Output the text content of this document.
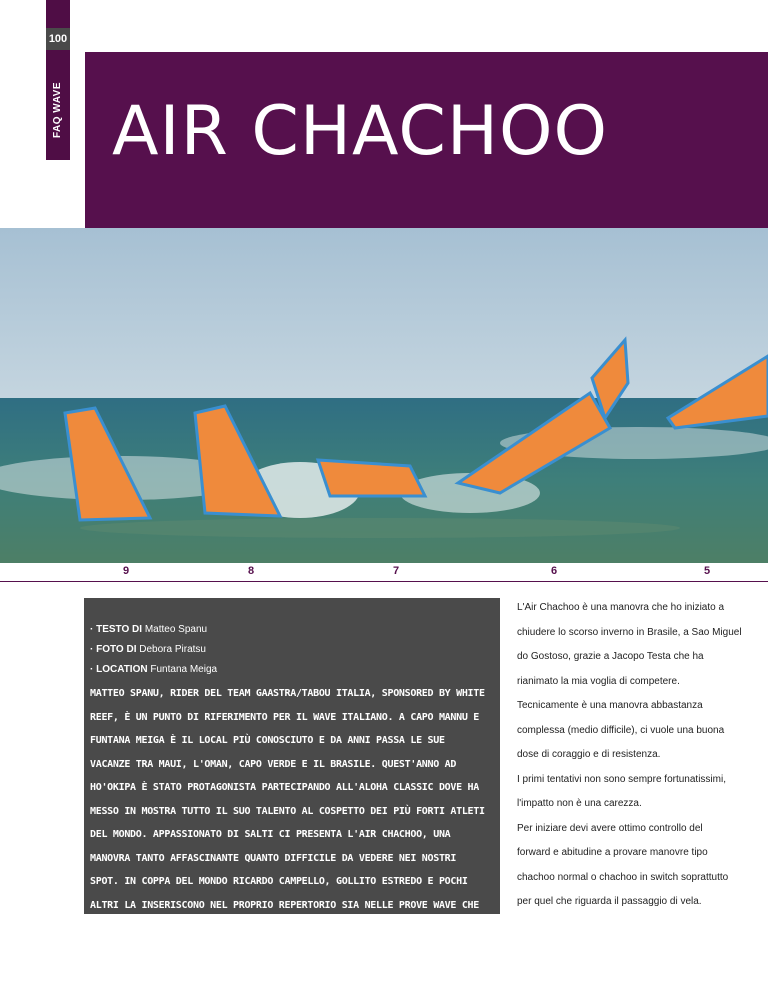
100
FAQ WAVE AIR CHACHOO
9	8	7	6	5
· TESTO DI Matteo Spanu
· FOTO DI Debora Piratsu
· LOCATION Funtana Meiga

MATTEO SPANU, RIDER DEL TEAM GAASTRA/TABOU ITALIA, SPONSORED BY WHITE REEF, È UN PUNTO DI RIFERIMENTO PER IL WAVE ITALIANO. A CAPO MANNU E FUNTANA MEIGA È IL LOCAL PIÙ CONOSCIUTO E DA ANNI PASSA LE SUE VACANZE TRA MAUI, L'OMAN, CAPO VERDE E IL BRASILE. QUEST'ANNO AD HO'OKIPA È STATO PROTAGONISTA PARTECIPANDO ALL'ALOHA CLASSIC DOVE HA MESSO IN MOSTRA TUTTO IL SUO TALENTO AL COSPETTO DEI PIÙ FORTI ATLETI DEL MONDO. APPASSIONATO DI SALTI CI PRESENTA L'AIR CHACHOO, UNA MANOVRA TANTO AFFASCINANTE QUANTO DIFFICILE DA VEDERE NEI NOSTRI SPOT. IN COPPA DEL MONDO RICARDO CAMPELLO, GOLLITO ESTREDO E POCHI ALTRI LA INSERISCONO NEL PROPRIO REPERTORIO SIA NELLE PROVE WAVE CHE FREESTYLE LASCIANDO SPESSO A BOCCA APERTA IL PUBBLICO PRESENTE.

L'Air Chachoo è una manovra che ho iniziato a
chiudere lo scorso inverno in Brasile, a Sao Miguel
do Gostoso, grazie a Jacopo Testa che ha
rianimato la mia voglia di competere.
Tecnicamente è una manovra abbastanza
complessa (medio difficile), ci vuole una buona
dose di coraggio e di resistenza.
I primi tentativi non sono sempre fortunatissimi,
l'impatto non è una carezza.
Per iniziare devi avere ottimo controllo del
forward e abitudine a provare manovre tipo
chachoo normal o chachoo in switch soprattutto
per quel che riguarda il passaggio di vela.
